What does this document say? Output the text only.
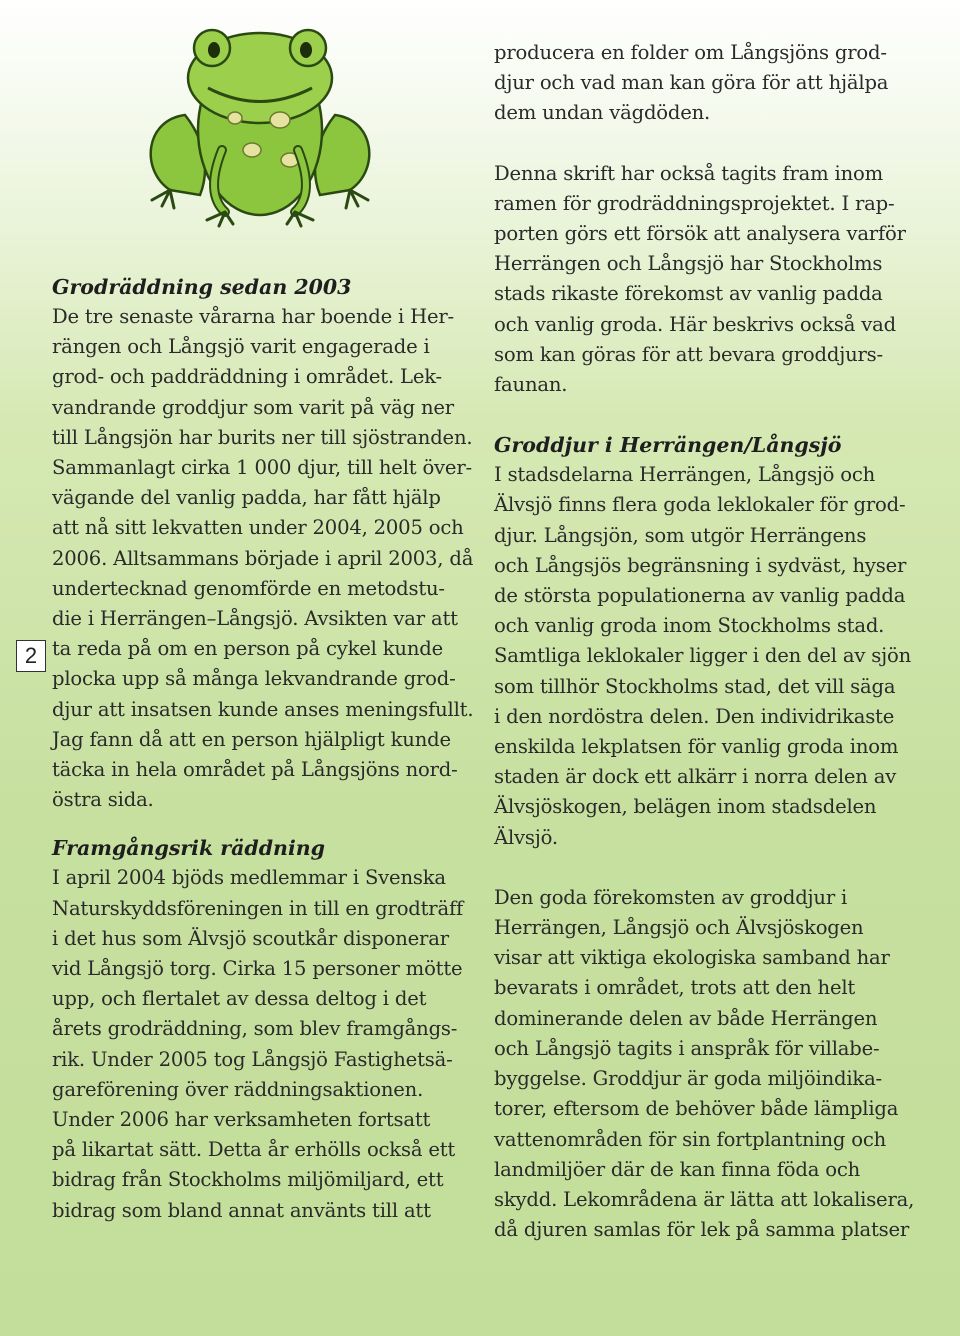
2
Grodräddning sedan 2003
De tre senaste vårarna har boende i Her-
rängen och Långsjö varit engagerade i
grod- och paddräddning i området. Lek-
vandrande groddjur som varit på väg ner
till Långsjön har burits ner till sjöstranden.
Sammanlagt cirka 1 000 djur, till helt över-
vägande del vanlig padda, har fått hjälp
att nå sitt lekvatten under 2004, 2005 och
2006. Alltsammans började i april 2003, då
undertecknad genomförde en metodstu-
die i Herrängen–Långsjö. Avsikten var att
ta reda på om en person på cykel kunde
plocka upp så många lekvandrande grod-
djur att insatsen kunde anses meningsfullt.
Jag fann då att en person hjälpligt kunde
täcka in hela området på Långsjöns nord-
östra sida.
Framgångsrik räddning
I april 2004 bjöds medlemmar i Svenska
Naturskyddsföreningen in till en grodträff
i det hus som Älvsjö scoutkår disponerar
vid Långsjö torg. Cirka 15 personer mötte
upp, och flertalet av dessa deltog i det
årets grodräddning, som blev framgångs-
rik. Under 2005 tog Långsjö Fastighetsä-
gareförening över räddningsaktionen.
Under 2006 har verksamheten fortsatt
på likartat sätt. Detta år erhölls också ett
bidrag från Stockholms miljömiljard, ett
bidrag som bland annat använts till att
producera en folder om Långsjöns grod-
djur och vad man kan göra för att hjälpa
dem undan vägdöden.
Denna skrift har också tagits fram inom
ramen för grodräddningsprojektet. I rap-
porten görs ett försök att analysera varför
Herrängen och Långsjö har Stockholms
stads rikaste förekomst av vanlig padda
och vanlig groda. Här beskrivs också vad
som kan göras för att bevara groddjurs-
faunan.
Groddjur i Herrängen/Långsjö
I stadsdelarna Herrängen, Långsjö och
Älvsjö finns flera goda leklokaler för grod-
djur. Långsjön, som utgör Herrängens
och Långsjös begränsning i sydväst, hyser
de största populationerna av vanlig padda
och vanlig groda inom Stockholms stad.
Samtliga leklokaler ligger i den del av sjön
som tillhör Stockholms stad, det vill säga
i den nordöstra delen. Den individrikaste
enskilda lekplatsen för vanlig groda inom
staden är dock ett alkärr i norra delen av
Älvsjöskogen, belägen inom stadsdelen
Älvsjö.
Den goda förekomsten av groddjur i
Herrängen, Långsjö och Älvsjöskogen
visar att viktiga ekologiska samband har
bevarats i området, trots att den helt
dominerande delen av både Herrängen
och Långsjö tagits i anspråk för villabe-
byggelse. Groddjur är goda miljöindika-
torer, eftersom de behöver både lämpliga
vattenområden för sin fortplantning och
landmiljöer där de kan finna föda och
skydd. Lekområdena är lätta att lokalisera,
då djuren samlas för lek på samma platser
